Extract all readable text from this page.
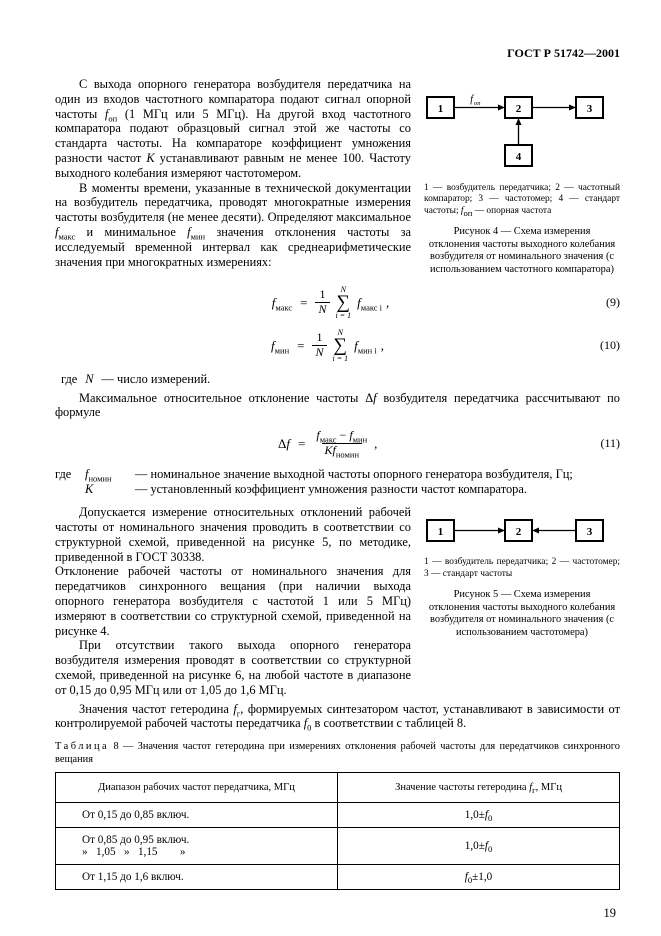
ГОСТ Р 51742—2001

С выхода опорного генератора возбудителя передатчика на один из входов частотного компаратора подают сигнал опорной частоты $f_{оп}$ (1 МГц или 5 МГц). На другой вход частотного компаратора подают образцовый сигнал этой же частоты со стандарта частоты. На компараторе коэффициент умножения разности частот K устанавливают равным не менее 100. Частоту выходного колебания измеряют частотомером.

В моменты времени, указанные в технической документации на возбудитель передатчика, проводят многократные измерения частоты возбудителя (не менее десяти). Определяют максимальное $f_{макс}$ и минимальное $f_{мин}$ значения отклонения частоты за исследуемый временной интервал как среднеарифметические значения при многократных измерениях:

1	2	3
4
f оп
1 — возбудитель передатчика; 2 — частотный компаратор; 3 — частотомер; 4 — стандарт частоты; $f_{оп}$ — опорная частота
Рисунок 4 — Схема измерения отклонения частоты выходного колебания возбудителя от номинального значения (с использованием частотного компаратора)
$f_{макс} = \frac{1}{N}$ N
∑
i = 1
$f_{макс i}$ ,	(9)
$f_{мин} = \frac{1}{N}$ N
∑
i = 1
$f_{мин i}$ ,	(10)

где N — число измерений.

Максимальное относительное отклонение частоты Δf возбудителя передатчика рассчитывают по формуле

$\Delta f = \frac{f_{макс} - f_{мин}}{Kf_{номин}}$ ,	(11)
где	$f_{номин}$	— номинальное значение выходной частоты опорного генератора возбудителя, Гц;
K	— установленный коэффициент умножения разности частот компаратора.

Допускается измерение относительных отклонений рабочей частоты от номинального значения проводить в соответствии со структурной схемой, приведенной на рисунке 5, по методике, приведенной в ГОСТ 30338.

Отклонение рабочей частоты от номинального значения для передатчиков синхронного вещания (при наличии выхода опорного генератора возбудителя с частотой 1 или 5 МГц) измеряют в соответствии со структурной схемой, приведенной на рисунке 4.

При отсутствии такого выхода опорного генератора возбудителя измерения проводят в соответствии со структурной схемой, приведенной на рисунке 6, на любой частоте в диапазоне от 0,15 до 0,95 МГц или от 1,05 до 1,6 МГц.

1	2	3
1 — возбудитель передатчика; 2 — частотомер; 3 — стандарт частоты
Рисунок 5 — Схема измерения отклонения частоты выходного колебания возбудителя от номинального значения (с использованием частотомера)

Значения частот гетеродина $f_г$, формируемых синтезатором частот, устанавливают в зависимости от контролируемой рабочей частоты передатчика $f_0$ в соответствии с таблицей 8.

Таблица 8 — Значения частот гетеродина при измерениях отклонения рабочей частоты для передатчиков синхронного вещания

Диапазон рабочих частот передатчика, МГц	Значение частоты гетеродина $f_г$, МГц
От 0,15 до 0,85 включ.	$1,0\pm f_0$

От 0,85 до 0,95 включ.
»   1,05   »   1,15        »	$1,0\pm f_0$
От 1,15 до 1,6 включ.	$f_0\pm 1,0$
19
